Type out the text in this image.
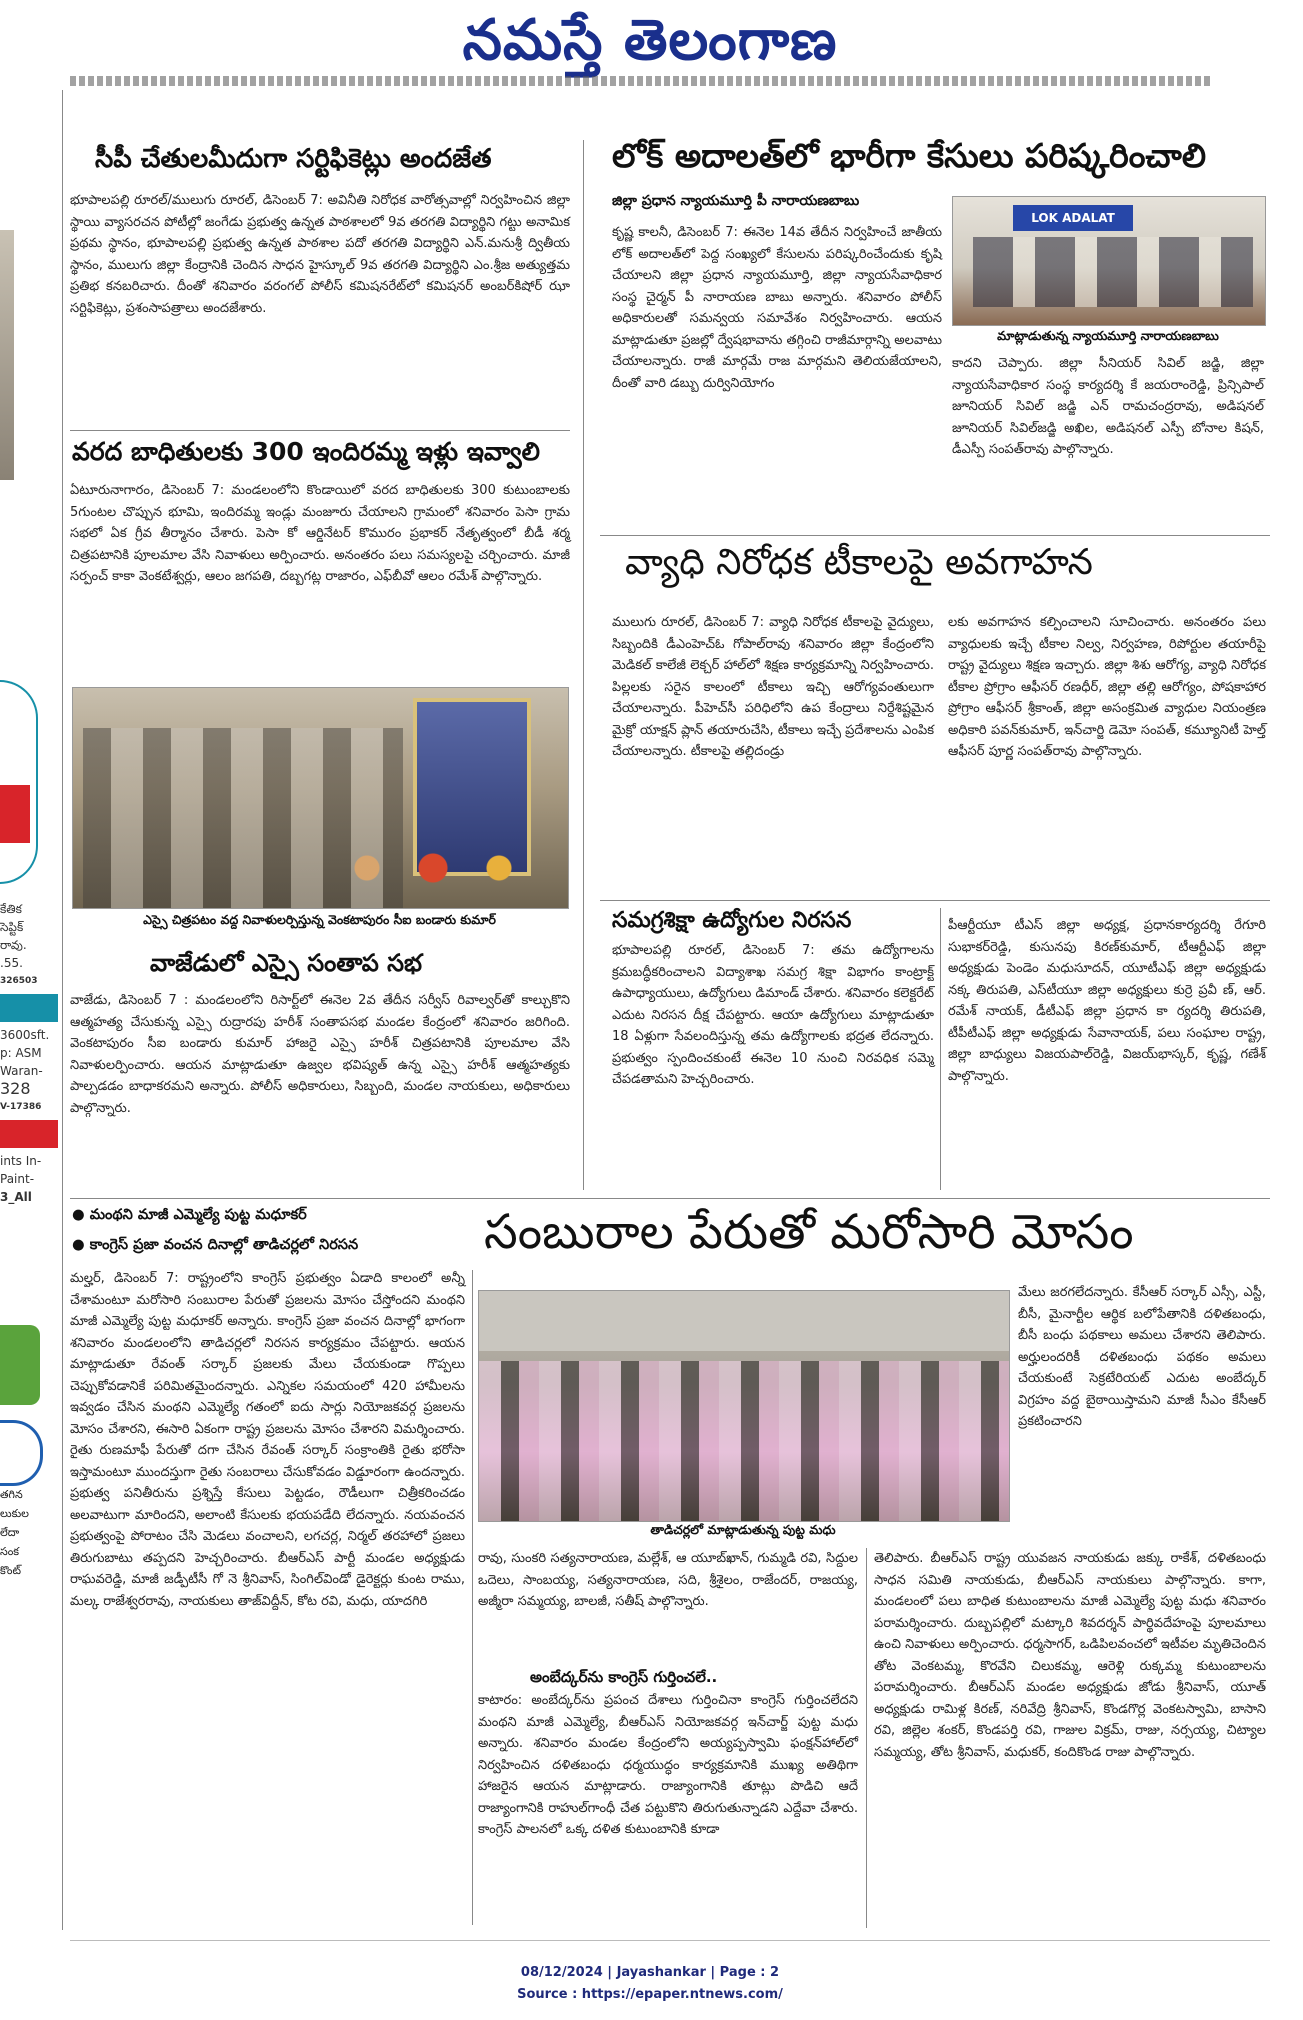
నమస్తే తెలంగాణ
కేతిక
సెప్టిక్
రావు.
.55.
326503
3600sft.
p: ASM
Waran-
328
V-17386
ints In-
Paint-
3_All
తగిన
లుకుల
లేదా
సంక
కొంట్
సీపీ చేతులమీదుగా సర్టిఫికెట్లు అందజేత
భూపాలపల్లి రూరల్/ములుగు రూరల్, డిసెంబర్ 7: అవినీతి నిరోధక వారోత్సవాల్లో నిర్వహించిన జిల్లా స్థాయి వ్యాసరచన పోటీల్లో జంగేడు ప్రభుత్వ ఉన్నత పాఠశాలలో 9వ తరగతి విద్యార్థిని గట్టు అనామిక ప్రథమ స్థానం, భూపాలపల్లి ప్రభుత్వ ఉన్నత పాఠశాల పదో తరగతి విద్యార్థిని ఎన్.మనుశ్రీ ద్వితీయ స్థానం, ములుగు జిల్లా కేంద్రానికి చెందిన సాధన హైస్కూల్ 9వ తరగతి విద్యార్థిని ఎం.శ్రీజ అత్యుత్తమ ప్రతిభ కనబరిచారు. దీంతో శనివారం వరంగల్ పోలీస్ కమిషనరేట్‌లో కమిషనర్ అంబర్‌కిషోర్ ఝా సర్టిఫికెట్లు, ప్రశంసాపత్రాలు అందజేశారు.
వరద బాధితులకు 300 ఇందిరమ్మ ఇళ్లు ఇవ్వాలి
ఏటూరునాగారం, డిసెంబర్ 7: మండలంలోని కొండాయిలో వరద బాధితులకు 300 కుటుంబాలకు 5గుంటల చొప్పున భూమి, ఇందిరమ్మ ఇండ్లు మంజూరు చేయాలని గ్రామంలో శనివారం పెసా గ్రామ సభలో ఏక గ్రీవ తీర్మానం చేశారు. పెసా కో ఆర్డినేటర్ కొమురం ప్రభాకర్ నేతృత్వంలో బీడీ శర్మ చిత్రపటానికి పూలమాల వేసి నివాళులు అర్పించారు. అనంతరం పలు సమస్యలపై చర్చించారు. మాజీ సర్పంచ్ కాకా వెంకటేశ్వర్లు, ఆలం జగపతి, దబ్బగట్ల రాజారం, ఎఫ్‌బీవో ఆలం రమేశ్ పాల్గొన్నారు.
ఎస్సై చిత్రపటం వద్ద నివాళులర్పిస్తున్న వెంకటాపురం సీఐ బండారు కుమార్
వాజేడులో ఎస్సై సంతాప సభ
వాజేడు, డిసెంబర్ 7 : మండలంలోని రిసార్ట్‌లో ఈనెల 2వ తేదీన సర్వీస్ రివాల్వర్‌తో కాల్చుకొని ఆత్మహత్య చేసుకున్న ఎస్సై రుద్రారపు హరీశ్ సంతాపసభ మండల కేంద్రంలో శనివారం జరిగింది. వెంకటాపురం సీఐ బండారు కుమార్ హాజరై ఎస్సై హరీశ్ చిత్రపటానికి పూలమాల వేసి నివాళులర్పించారు. ఆయన మాట్లాడుతూ ఉజ్వల భవిష్యత్ ఉన్న ఎస్సై హరీశ్ ఆత్మహత్యకు పాల్పడడం బాధాకరమని అన్నారు. పోలీస్ అధికారులు, సిబ్బంది, మండల నాయకులు, అధికారులు పాల్గొన్నారు.
లోక్ అదాలత్‌లో భారీగా కేసులు పరిష్కరించాలి
జిల్లా ప్రధాన న్యాయమూర్తి పీ నారాయణబాబు
కృష్ణ కాలనీ, డిసెంబర్ 7: ఈనెల 14వ తేదీన నిర్వహించే జాతీయ లోక్ అదాలత్‌లో పెద్ద సంఖ్యలో కేసులను పరిష్కరించేందుకు కృషి చేయాలని జిల్లా ప్రధాన న్యాయమూర్తి, జిల్లా న్యాయసేవాధికార సంస్థ చైర్మన్ పీ నారాయణ బాబు అన్నారు. శనివారం పోలీస్ అధికారులతో సమన్వయ సమావేశం నిర్వహించారు. ఆయన మాట్లాడుతూ ప్రజల్లో ద్వేషభావాను తగ్గించి రాజీమార్గాన్ని అలవాటు చేయాలన్నారు. రాజీ మార్గమే రాజ మార్గమని తెలియజేయాలని, దీంతో వారి డబ్బు దుర్వినియోగం
LOK ADALAT
మాట్లాడుతున్న న్యాయమూర్తి నారాయణబాబు
కాదని చెప్పారు. జిల్లా సీనియర్ సివిల్ జడ్జి, జిల్లా న్యాయసేవాధికార సంస్థ కార్యదర్శి కే జయరాంరెడ్డి, ప్రిన్సిపాల్ జూనియర్ సివిల్ జడ్జి ఎన్ రామచంద్రరావు, అడిషనల్ జూనియర్ సివిల్‌జడ్జి అఖిల, అడిషనల్ ఎస్పీ బోనాల కిషన్, డీఎస్పీ సంపత్‌రావు పాల్గొన్నారు.
వ్యాధి నిరోధక టీకాలపై అవగాహన
ములుగు రూరల్, డిసెంబర్ 7: వ్యాధి నిరోధక టీకాలపై వైద్యులు, సిబ్బందికి డీఎంహెచ్‌ఓ గోపాల్‌రావు శనివారం జిల్లా కేంద్రంలోని మెడికల్ కాలేజీ లెక్చర్ హాల్‌లో శిక్షణ కార్యక్రమాన్ని నిర్వహించారు. పిల్లలకు సరైన కాలంలో టీకాలు ఇచ్చి ఆరోగ్యవంతులుగా చేయాలన్నారు. పీహెచ్‌సీ పరిధిలోని ఉప కేంద్రాలు నిర్దేశిష్టమైన మైక్రో యాక్షన్ ప్లాన్ తయారుచేసి, టీకాలు ఇచ్చే ప్రదేశాలను ఎంపిక చేయాలన్నారు. టీకాలపై తల్లిదండ్రు
లకు అవగాహన కల్పించాలని సూచించారు. అనంతరం పలు వ్యాధులకు ఇచ్చే టీకాల నిల్వ, నిర్వహణ, రిపోర్టుల తయారీపై రాష్ట్ర వైద్యులు శిక్షణ ఇచ్చారు. జిల్లా శిశు ఆరోగ్య, వ్యాధి నిరోధక టీకాల ప్రోగ్రాం ఆఫీసర్ రణధీర్, జిల్లా తల్లి ఆరోగ్యం, పోషకాహార ప్రోగ్రాం ఆఫీసర్ శ్రీకాంత్, జిల్లా అసంక్రమిత వ్యాధుల నియంత్రణ అధికారి పవన్‌కుమార్, ఇన్‌చార్జి డెమో సంపత్, కమ్యూనిటీ హెల్త్ ఆఫీసర్ పూర్ణ సంపత్‌రావు పాల్గొన్నారు.
సమగ్రశిక్షా ఉద్యోగుల నిరసన
భూపాలపల్లి రూరల్, డిసెంబర్ 7: తమ ఉద్యోగాలను క్రమబద్ధీకరించాలని విద్యాశాఖ సమగ్ర శిక్షా విభాగం కాంట్రాక్ట్ ఉపాధ్యాయులు, ఉద్యోగులు డిమాండ్ చేశారు. శనివారం కలెక్టరేట్ ఎదుట నిరసన దీక్ష చేపట్టారు. ఆయా ఉద్యోగులు మాట్లాడుతూ 18 ఏళ్లుగా సేవలందిస్తున్న తమ ఉద్యోగాలకు భద్రత లేదన్నారు. ప్రభుత్వం స్పందించకుంటే ఈనెల 10 నుంచి నిరవధిక సమ్మె చేపడతామని హెచ్చరించారు.
పీఆర్టీయూ టీఎస్ జిల్లా అధ్యక్ష, ప్రధానకార్యదర్శి రేగూరి సుభాకర్‌రెడ్డి, కుసునపు కిరణ్‌కుమార్, టీఆర్టీఎఫ్ జిల్లా అధ్యక్షుడు పెండెం మధుసూదన్, యూటీఎఫ్ జిల్లా అధ్యక్షుడు నక్క తిరుపతి, ఎస్‌టీయూ జిల్లా అధ్యక్షులు కుర్రె ప్రవీ ణ్, ఆర్. రమేశ్ నాయక్, డీటీఎఫ్ జిల్లా ప్రధాన కా ర్యదర్శి తిరుపతి, టీపీటీఎఫ్ జిల్లా అధ్యక్షుడు సేవానాయక్, పలు సంఘాల రాష్ట్ర, జిల్లా బాధ్యులు విజయపాల్‌రెడ్డి, విజయ్‌భాస్కర్, కృష్ణ, గణేశ్ పాల్గొన్నారు.
● మంథని మాజీ ఎమ్మెల్యే పుట్ట మధూకర్
● కాంగ్రెస్ ప్రజా వంచన దినాల్లో తాడిచర్లలో నిరసన	సంబురాల పేరుతో మరోసారి మోసం
మల్హర్, డిసెంబర్ 7: రాష్ట్రంలోని కాంగ్రెస్ ప్రభుత్వం ఏడాది కాలంలో అన్నీ చేశామంటూ మరోసారి సంబురాల పేరుతో ప్రజలను మోసం చేస్తోందని మంథని మాజీ ఎమ్మెల్యే పుట్ట మధూకర్ అన్నారు. కాంగ్రెస్ ప్రజా వంచన దినాల్లో భాగంగా శనివారం మండలంలోని తాడిచర్లలో నిరసన కార్యక్రమం చేపట్టారు. ఆయన మాట్లాడుతూ రేవంత్ సర్కార్ ప్రజలకు మేలు చేయకుండా గొప్పలు చెప్పుకోవడానికే పరిమితమైందన్నారు. ఎన్నికల సమయంలో 420 హామీలను ఇవ్వడం చేసిన మంథని ఎమ్మెల్యే గతంలో ఐదు సార్లు నియోజకవర్గ ప్రజలను మోసం చేశారని, ఈసారి ఏకంగా రాష్ట్ర ప్రజలను మోసం చేశారని విమర్శించారు. రైతు రుణమాఫీ పేరుతో దగా చేసిన రేవంత్ సర్కార్ సంక్రాంతికి రైతు భరోసా ఇస్తామంటూ ముందస్తుగా రైతు సంబరాలు చేసుకోవడం విడ్డూరంగా ఉందన్నారు. ప్రభుత్వ పనితీరును ప్రశ్నిస్తే కేసులు పెట్టడం, రౌడీలుగా చిత్రీకరించడం అలవాటుగా మారిందని, అలాంటి కేసులకు భయపడేది లేదన్నారు. నయవంచన ప్రభుత్వంపై పోరాటం చేసి మెడలు వంచాలని, లగచర్ల, నిర్మల్ తరహాలో ప్రజలు తిరుగుబాటు తప్పదని హెచ్చరించారు. బీఆర్‌ఎస్ పార్టీ మండల అధ్యక్షుడు రాఘవరెడ్డి, మాజీ జడ్పీటీసీ గో నె శ్రీనివాస్, సింగిల్‌విండో డైరెక్టర్లు కుంట రాము, మల్క రాజేశ్వరరావు, నాయకులు తాజ్‌విద్దీన్, కోట రవి, మధు, యాదగిరి
తాడిచర్లలో మాట్లాడుతున్న పుట్ట మధు
మేలు జరగలేదన్నారు. కేసీఆర్ సర్కార్ ఎస్సీ, ఎస్టీ, బీసీ, మైనార్టీల ఆర్థిక బలోపేతానికి దళితబంధు, బీసీ బంధు పథకాలు అమలు చేశారని తెలిపారు. అర్హులందరికీ దళితబంధు పథకం అమలు చేయకుంటే సెక్రటేరియట్ ఎదుట అంబేద్కర్ విగ్రహం వద్ద బైఠాయిస్తామని మాజీ సీఎం కేసీఆర్ ప్రకటించారని
రావు, సుంకరి సత్యనారాయణ, మల్లేశ్, ఆ యూబ్‌ఖాన్, గుమ్మడి రవి, సిద్దుల ఒదెలు, సాంబయ్య, సత్యనారాయణ, సది, శ్రీశైలం, రాజేందర్, రాజయ్య, అజ్మీరా సమ్మయ్య, బాలజీ, సతీష్ పాల్గొన్నారు.
అంబేద్కర్‌ను కాంగ్రెస్ గుర్తించలే..
కాటారం: అంబేద్కర్‌ను ప్రపంచ దేశాలు గుర్తించినా కాంగ్రెస్ గుర్తించలేదని మంథని మాజీ ఎమ్మెల్యే, బీఆర్‌ఎస్ నియోజకవర్గ ఇన్‌చార్జ్ పుట్ట మధు అన్నారు. శనివారం మండల కేంద్రంలోని అయ్యప్పస్వామి ఫంక్షన్‌హాల్‌లో నిర్వహించిన దళితబంధు ధర్మయుద్ధం కార్యక్రమానికి ముఖ్య అతిథిగా హాజరైన ఆయన మాట్లాడారు. రాజ్యాంగానికి తూట్లు పొడిచి ఆదే రాజ్యాంగానికి రాహుల్‌గాంధీ చేత పట్టుకొని తిరుగుతున్నాడని ఎద్దేవా చేశారు. కాంగ్రెస్ పాలనలో ఒక్క దళిత కుటుంబానికి కూడా
తెలిపారు. బీఆర్‌ఎస్ రాష్ట్ర యువజన నాయకుడు జక్కు రాకేశ్, దళితబంధు సాధన సమితి నాయకుడు, బీఆర్‌ఎస్ నాయకులు పాల్గొన్నారు. కాగా, మండలంలో పలు బాధిత కుటుంబాలను మాజీ ఎమ్మెల్యే పుట్ట మధు శనివారం పరామర్శించారు. దుబ్బపల్లిలో మట్కారి శివదర్శన్ పార్థివదేహంపై పూలమాలు ఉంచి నివాళులు అర్పించారు. ధర్మసాగర్, ఒడిపిలవంచలో ఇటీవల మృతిచెందిన తోట వెంకటమ్మ, కొరవేని చిలుకమ్మ, ఆరెళ్లి రుక్కమ్మ కుటుంబాలను పరామర్శించారు. బీఆర్‌ఎస్ మండల అధ్యక్షుడు జోడు శ్రీనివాస్, యూత్ అధ్యక్షుడు రామిళ్ల కిరణ్, నరివేద్రి శ్రీనివాస్, కొండగొర్ల వెంకటస్వామి, బాసాని రవి, జిల్లెల శంకర్, కొండపర్తి రవి, గాజుల విక్రమ్, రాజు, నర్సయ్య, చిట్యాల సమ్మయ్య, తోట శ్రీనివాస్, మధుకర్, కందికొండ రాజు పాల్గొన్నారు.
08/12/2024 | Jayashankar | Page : 2
Source : https://epaper.ntnews.com/
